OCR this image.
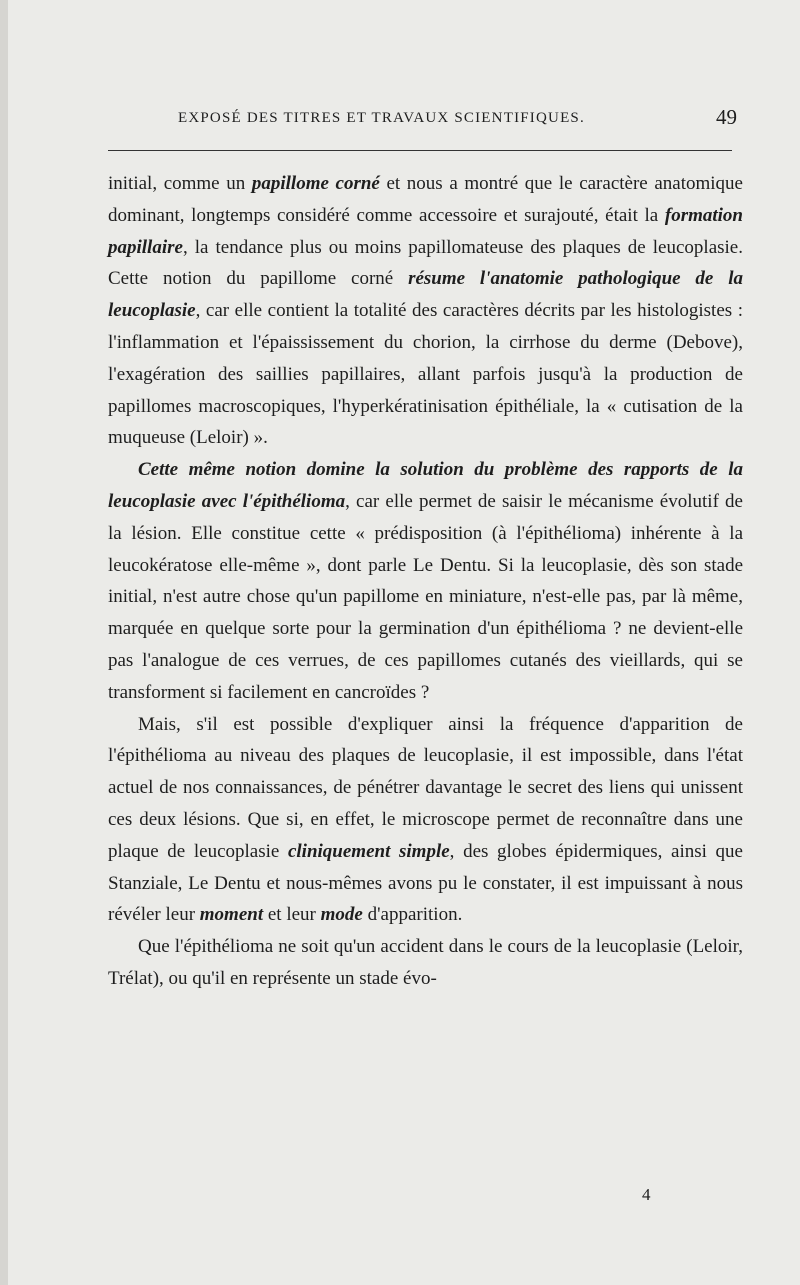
EXPOSÉ DES TITRES ET TRAVAUX SCIENTIFIQUES.	49

initial, comme un papillome corné et nous a montré que le caractère anatomique dominant, longtemps considéré comme accessoire et surajouté, était la formation papillaire, la tendance plus ou moins papillomateuse des plaques de leucoplasie. Cette notion du papillome corné résume l'anatomie pathologique de la leucoplasie, car elle contient la totalité des caractères décrits par les histologistes : l'inflammation et l'épaississement du chorion, la cirrhose du derme (Debove), l'exagération des saillies papillaires, allant parfois jusqu'à la production de papillomes macroscopiques, l'hyperkératinisation épithéliale, la « cutisation de la muqueuse (Leloir) ».

Cette même notion domine la solution du problème des rapports de la leucoplasie avec l'épithélioma, car elle permet de saisir le mécanisme évolutif de la lésion. Elle constitue cette « prédisposition (à l'épithélioma) inhérente à la leucokératose elle-même », dont parle Le Dentu. Si la leucoplasie, dès son stade initial, n'est autre chose qu'un papillome en miniature, n'est-elle pas, par là même, marquée en quelque sorte pour la germination d'un épithélioma ? ne devient-elle pas l'analogue de ces verrues, de ces papillomes cutanés des vieillards, qui se transforment si facilement en cancroïdes ?

Mais, s'il est possible d'expliquer ainsi la fréquence d'apparition de l'épithélioma au niveau des plaques de leucoplasie, il est impossible, dans l'état actuel de nos connaissances, de pénétrer davantage le secret des liens qui unissent ces deux lésions. Que si, en effet, le microscope permet de reconnaître dans une plaque de leucoplasie cliniquement simple, des globes épidermiques, ainsi que Stanziale, Le Dentu et nous-mêmes avons pu le constater, il est impuissant à nous révéler leur moment et leur mode d'apparition.

Que l'épithélioma ne soit qu'un accident dans le cours de la leucoplasie (Leloir, Trélat), ou qu'il en représente un stade évo-

4
